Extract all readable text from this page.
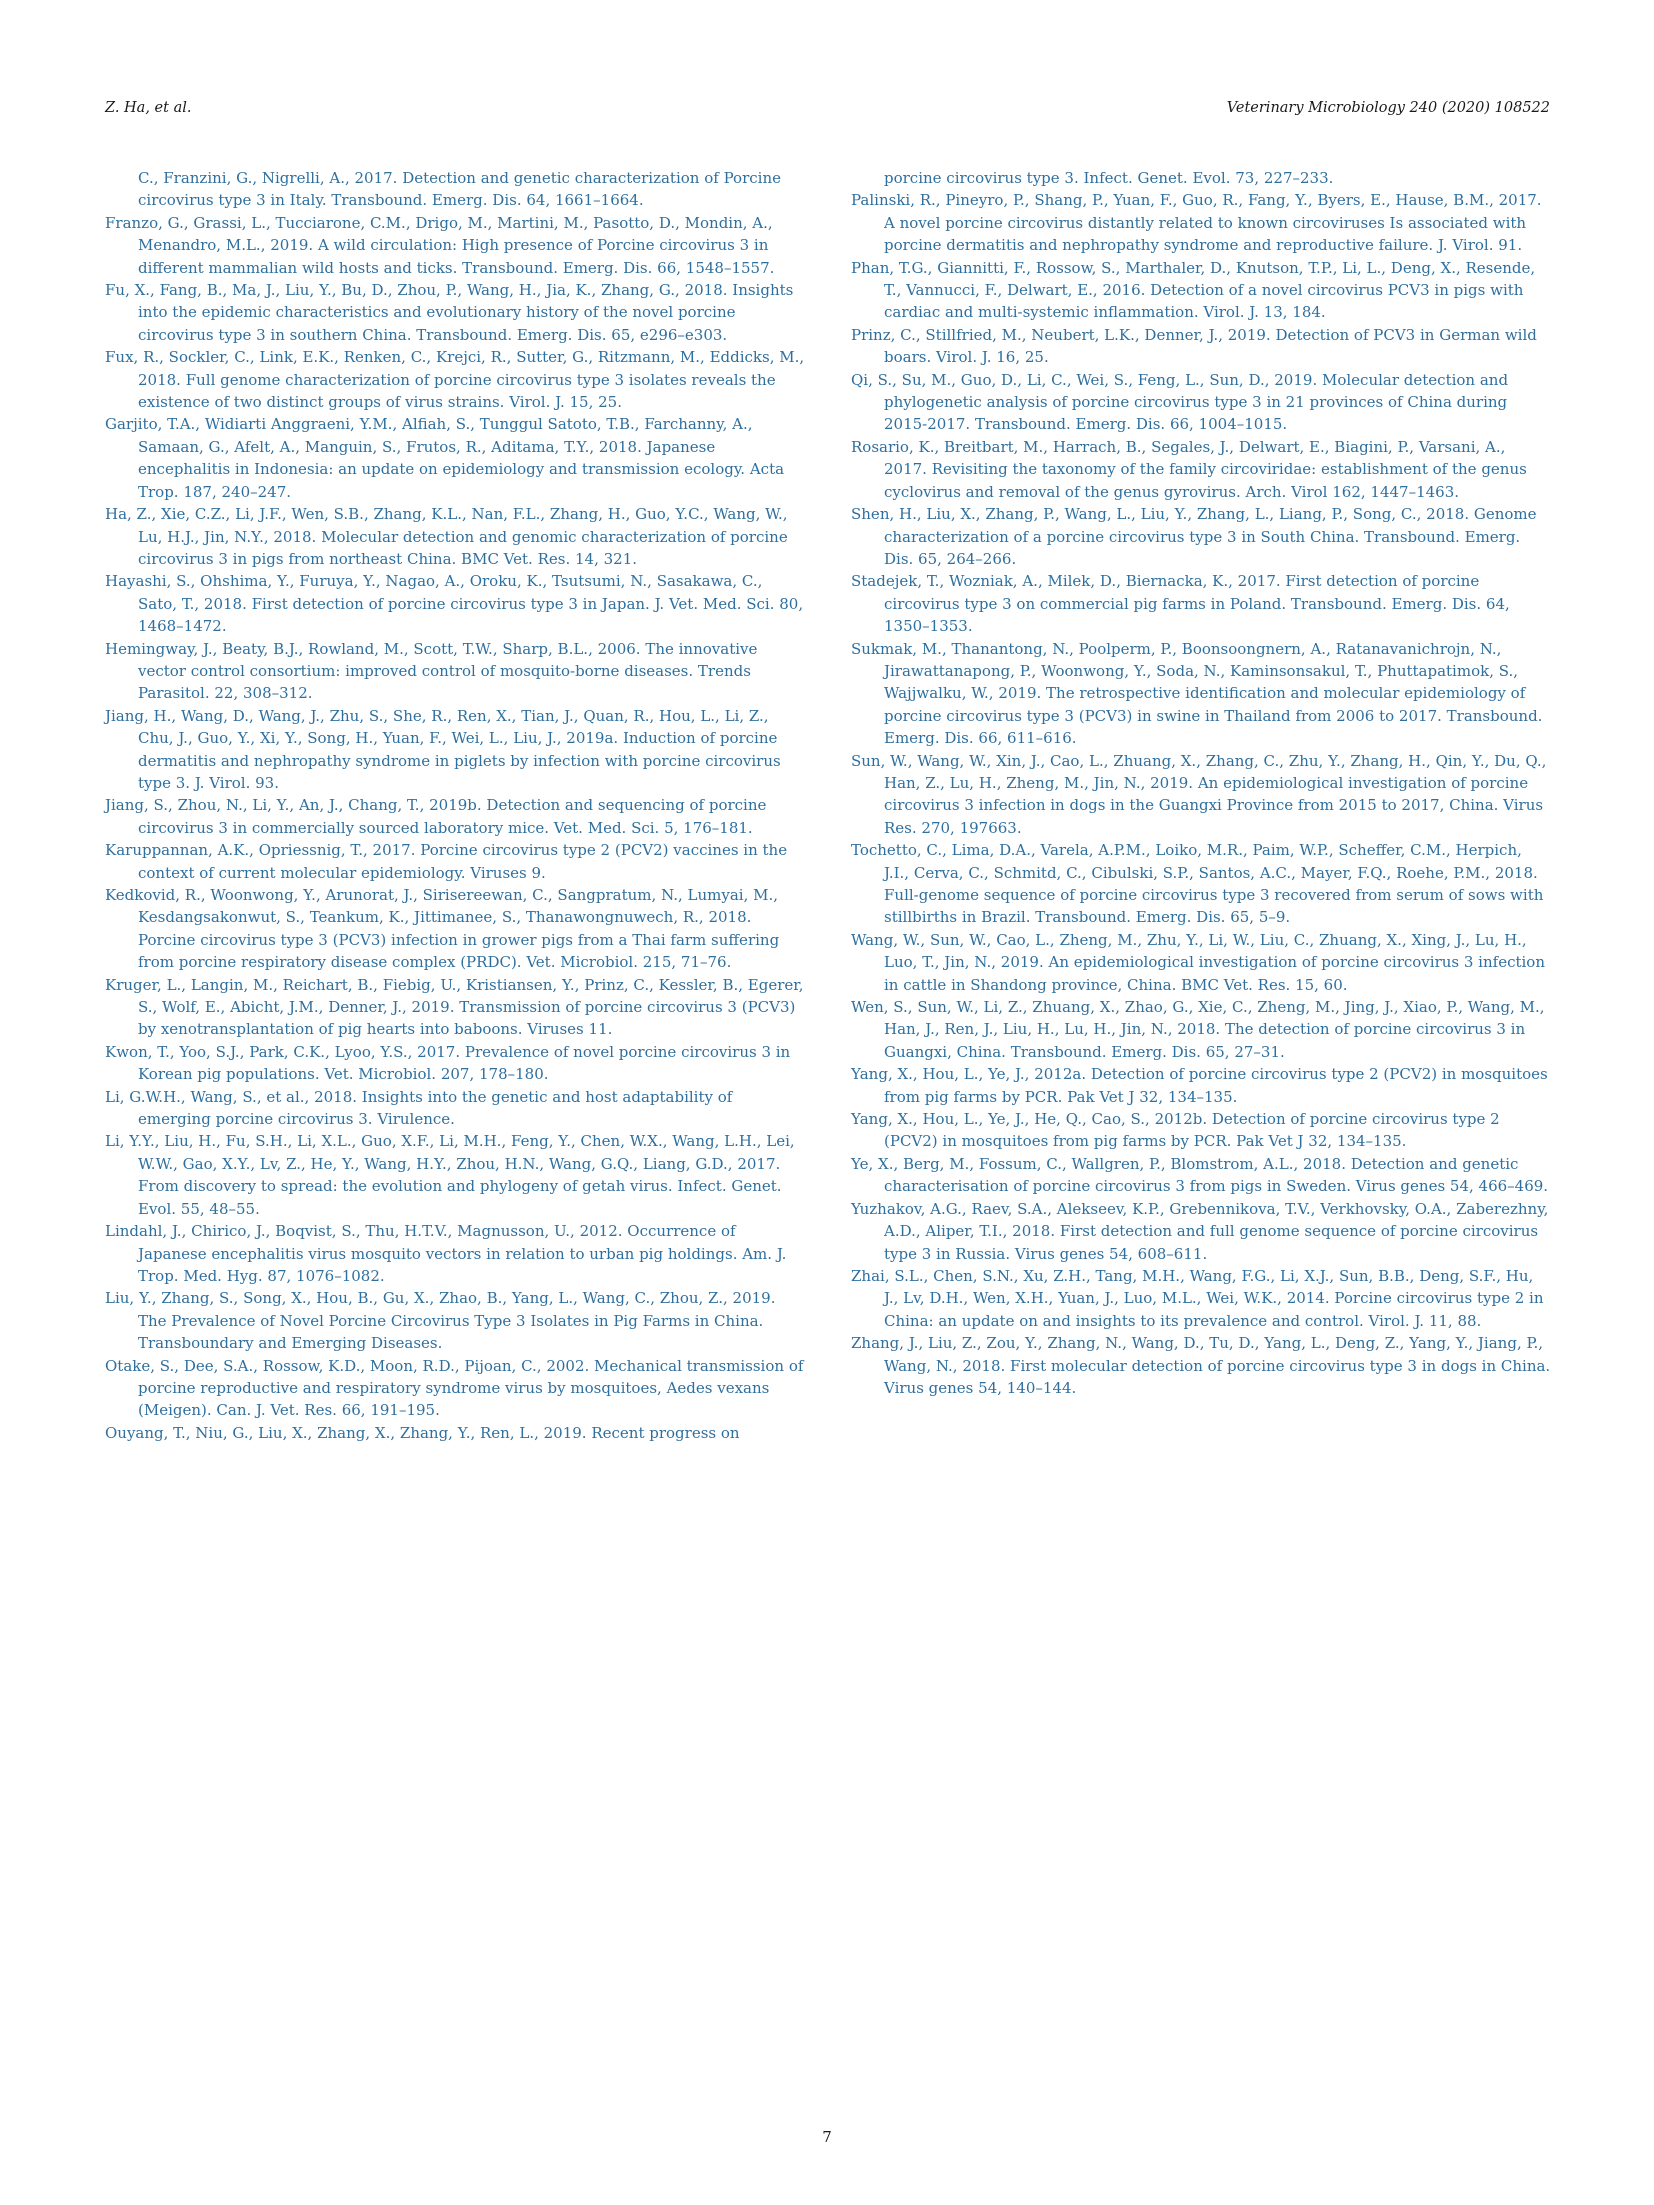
Z. Ha, et al.	Veterinary Microbiology 240 (2020) 108522

C., Franzini, G., Nigrelli, A., 2017. Detection and genetic characterization of Porcine circovirus type 3 in Italy. Transbound. Emerg. Dis. 64, 1661–1664.

Franzo, G., Grassi, L., Tucciarone, C.M., Drigo, M., Martini, M., Pasotto, D., Mondin, A., Menandro, M.L., 2019. A wild circulation: High presence of Porcine circovirus 3 in different mammalian wild hosts and ticks. Transbound. Emerg. Dis. 66, 1548–1557.

Fu, X., Fang, B., Ma, J., Liu, Y., Bu, D., Zhou, P., Wang, H., Jia, K., Zhang, G., 2018. Insights into the epidemic characteristics and evolutionary history of the novel porcine circovirus type 3 in southern China. Transbound. Emerg. Dis. 65, e296–e303.

Fux, R., Sockler, C., Link, E.K., Renken, C., Krejci, R., Sutter, G., Ritzmann, M., Eddicks, M., 2018. Full genome characterization of porcine circovirus type 3 isolates reveals the existence of two distinct groups of virus strains. Virol. J. 15, 25.

Garjito, T.A., Widiarti Anggraeni, Y.M., Alfiah, S., Tunggul Satoto, T.B., Farchanny, A., Samaan, G., Afelt, A., Manguin, S., Frutos, R., Aditama, T.Y., 2018. Japanese encephalitis in Indonesia: an update on epidemiology and transmission ecology. Acta Trop. 187, 240–247.

Ha, Z., Xie, C.Z., Li, J.F., Wen, S.B., Zhang, K.L., Nan, F.L., Zhang, H., Guo, Y.C., Wang, W., Lu, H.J., Jin, N.Y., 2018. Molecular detection and genomic characterization of porcine circovirus 3 in pigs from northeast China. BMC Vet. Res. 14, 321.

Hayashi, S., Ohshima, Y., Furuya, Y., Nagao, A., Oroku, K., Tsutsumi, N., Sasakawa, C., Sato, T., 2018. First detection of porcine circovirus type 3 in Japan. J. Vet. Med. Sci. 80, 1468–1472.

Hemingway, J., Beaty, B.J., Rowland, M., Scott, T.W., Sharp, B.L., 2006. The innovative vector control consortium: improved control of mosquito-borne diseases. Trends Parasitol. 22, 308–312.

Jiang, H., Wang, D., Wang, J., Zhu, S., She, R., Ren, X., Tian, J., Quan, R., Hou, L., Li, Z., Chu, J., Guo, Y., Xi, Y., Song, H., Yuan, F., Wei, L., Liu, J., 2019a. Induction of porcine dermatitis and nephropathy syndrome in piglets by infection with porcine circovirus type 3. J. Virol. 93.

Jiang, S., Zhou, N., Li, Y., An, J., Chang, T., 2019b. Detection and sequencing of porcine circovirus 3 in commercially sourced laboratory mice. Vet. Med. Sci. 5, 176–181.

Karuppannan, A.K., Opriessnig, T., 2017. Porcine circovirus type 2 (PCV2) vaccines in the context of current molecular epidemiology. Viruses 9.

Kedkovid, R., Woonwong, Y., Arunorat, J., Sirisereewan, C., Sangpratum, N., Lumyai, M., Kesdangsakonwut, S., Teankum, K., Jittimanee, S., Thanawongnuwech, R., 2018. Porcine circovirus type 3 (PCV3) infection in grower pigs from a Thai farm suffering from porcine respiratory disease complex (PRDC). Vet. Microbiol. 215, 71–76.

Kruger, L., Langin, M., Reichart, B., Fiebig, U., Kristiansen, Y., Prinz, C., Kessler, B., Egerer, S., Wolf, E., Abicht, J.M., Denner, J., 2019. Transmission of porcine circovirus 3 (PCV3) by xenotransplantation of pig hearts into baboons. Viruses 11.

Kwon, T., Yoo, S.J., Park, C.K., Lyoo, Y.S., 2017. Prevalence of novel porcine circovirus 3 in Korean pig populations. Vet. Microbiol. 207, 178–180.

Li, G.W.H., Wang, S., et al., 2018. Insights into the genetic and host adaptability of emerging porcine circovirus 3. Virulence.

Li, Y.Y., Liu, H., Fu, S.H., Li, X.L., Guo, X.F., Li, M.H., Feng, Y., Chen, W.X., Wang, L.H., Lei, W.W., Gao, X.Y., Lv, Z., He, Y., Wang, H.Y., Zhou, H.N., Wang, G.Q., Liang, G.D., 2017. From discovery to spread: the evolution and phylogeny of getah virus. Infect. Genet. Evol. 55, 48–55.

Lindahl, J., Chirico, J., Boqvist, S., Thu, H.T.V., Magnusson, U., 2012. Occurrence of Japanese encephalitis virus mosquito vectors in relation to urban pig holdings. Am. J. Trop. Med. Hyg. 87, 1076–1082.

Liu, Y., Zhang, S., Song, X., Hou, B., Gu, X., Zhao, B., Yang, L., Wang, C., Zhou, Z., 2019. The Prevalence of Novel Porcine Circovirus Type 3 Isolates in Pig Farms in China. Transboundary and Emerging Diseases.

Otake, S., Dee, S.A., Rossow, K.D., Moon, R.D., Pijoan, C., 2002. Mechanical transmission of porcine reproductive and respiratory syndrome virus by mosquitoes, Aedes vexans (Meigen). Can. J. Vet. Res. 66, 191–195.

Ouyang, T., Niu, G., Liu, X., Zhang, X., Zhang, Y., Ren, L., 2019. Recent progress on

porcine circovirus type 3. Infect. Genet. Evol. 73, 227–233.

Palinski, R., Pineyro, P., Shang, P., Yuan, F., Guo, R., Fang, Y., Byers, E., Hause, B.M., 2017. A novel porcine circovirus distantly related to known circoviruses Is associated with porcine dermatitis and nephropathy syndrome and reproductive failure. J. Virol. 91.

Phan, T.G., Giannitti, F., Rossow, S., Marthaler, D., Knutson, T.P., Li, L., Deng, X., Resende, T., Vannucci, F., Delwart, E., 2016. Detection of a novel circovirus PCV3 in pigs with cardiac and multi-systemic inflammation. Virol. J. 13, 184.

Prinz, C., Stillfried, M., Neubert, L.K., Denner, J., 2019. Detection of PCV3 in German wild boars. Virol. J. 16, 25.

Qi, S., Su, M., Guo, D., Li, C., Wei, S., Feng, L., Sun, D., 2019. Molecular detection and phylogenetic analysis of porcine circovirus type 3 in 21 provinces of China during 2015-2017. Transbound. Emerg. Dis. 66, 1004–1015.

Rosario, K., Breitbart, M., Harrach, B., Segales, J., Delwart, E., Biagini, P., Varsani, A., 2017. Revisiting the taxonomy of the family circoviridae: establishment of the genus cyclovirus and removal of the genus gyrovirus. Arch. Virol 162, 1447–1463.

Shen, H., Liu, X., Zhang, P., Wang, L., Liu, Y., Zhang, L., Liang, P., Song, C., 2018. Genome characterization of a porcine circovirus type 3 in South China. Transbound. Emerg. Dis. 65, 264–266.

Stadejek, T., Wozniak, A., Milek, D., Biernacka, K., 2017. First detection of porcine circovirus type 3 on commercial pig farms in Poland. Transbound. Emerg. Dis. 64, 1350–1353.

Sukmak, M., Thanantong, N., Poolperm, P., Boonsoongnern, A., Ratanavanichrojn, N., Jirawattanapong, P., Woonwong, Y., Soda, N., Kaminsonsakul, T., Phuttapatimok, S., Wajjwalku, W., 2019. The retrospective identification and molecular epidemiology of porcine circovirus type 3 (PCV3) in swine in Thailand from 2006 to 2017. Transbound. Emerg. Dis. 66, 611–616.

Sun, W., Wang, W., Xin, J., Cao, L., Zhuang, X., Zhang, C., Zhu, Y., Zhang, H., Qin, Y., Du, Q., Han, Z., Lu, H., Zheng, M., Jin, N., 2019. An epidemiological investigation of porcine circovirus 3 infection in dogs in the Guangxi Province from 2015 to 2017, China. Virus Res. 270, 197663.

Tochetto, C., Lima, D.A., Varela, A.P.M., Loiko, M.R., Paim, W.P., Scheffer, C.M., Herpich, J.I., Cerva, C., Schmitd, C., Cibulski, S.P., Santos, A.C., Mayer, F.Q., Roehe, P.M., 2018. Full-genome sequence of porcine circovirus type 3 recovered from serum of sows with stillbirths in Brazil. Transbound. Emerg. Dis. 65, 5–9.

Wang, W., Sun, W., Cao, L., Zheng, M., Zhu, Y., Li, W., Liu, C., Zhuang, X., Xing, J., Lu, H., Luo, T., Jin, N., 2019. An epidemiological investigation of porcine circovirus 3 infection in cattle in Shandong province, China. BMC Vet. Res. 15, 60.

Wen, S., Sun, W., Li, Z., Zhuang, X., Zhao, G., Xie, C., Zheng, M., Jing, J., Xiao, P., Wang, M., Han, J., Ren, J., Liu, H., Lu, H., Jin, N., 2018. The detection of porcine circovirus 3 in Guangxi, China. Transbound. Emerg. Dis. 65, 27–31.

Yang, X., Hou, L., Ye, J., 2012a. Detection of porcine circovirus type 2 (PCV2) in mosquitoes from pig farms by PCR. Pak Vet J 32, 134–135.

Yang, X., Hou, L., Ye, J., He, Q., Cao, S., 2012b. Detection of porcine circovirus type 2 (PCV2) in mosquitoes from pig farms by PCR. Pak Vet J 32, 134–135.

Ye, X., Berg, M., Fossum, C., Wallgren, P., Blomstrom, A.L., 2018. Detection and genetic characterisation of porcine circovirus 3 from pigs in Sweden. Virus genes 54, 466–469.

Yuzhakov, A.G., Raev, S.A., Alekseev, K.P., Grebennikova, T.V., Verkhovsky, O.A., Zaberezhny, A.D., Aliper, T.I., 2018. First detection and full genome sequence of porcine circovirus type 3 in Russia. Virus genes 54, 608–611.

Zhai, S.L., Chen, S.N., Xu, Z.H., Tang, M.H., Wang, F.G., Li, X.J., Sun, B.B., Deng, S.F., Hu, J., Lv, D.H., Wen, X.H., Yuan, J., Luo, M.L., Wei, W.K., 2014. Porcine circovirus type 2 in China: an update on and insights to its prevalence and control. Virol. J. 11, 88.

Zhang, J., Liu, Z., Zou, Y., Zhang, N., Wang, D., Tu, D., Yang, L., Deng, Z., Yang, Y., Jiang, P., Wang, N., 2018. First molecular detection of porcine circovirus type 3 in dogs in China. Virus genes 54, 140–144.

7
